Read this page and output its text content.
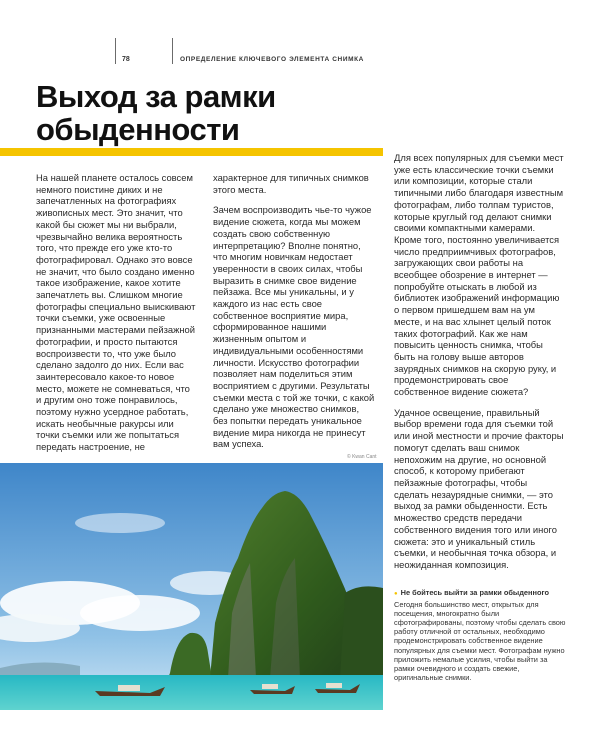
78	ОПРЕДЕЛЕНИЕ КЛЮЧЕВОГО ЭЛЕМЕНТА СНИМКА
Выход за рамки
обыденности

На нашей планете осталось совсем немного поистине диких и не запечатленных на фотографиях живописных мест. Это значит, что какой бы сюжет мы ни выбрали, чрезвычайно велика вероятность того, что прежде его уже кто-то фотографировал. Однако это вовсе не значит, что было создано именно такое изображение, какое хотите запечатлеть вы. Слишком многие фотографы специально выискивают точки съемки, уже освоенные признанными мастерами пейзажной фотографии, и просто пытаются воспроизвести то, что уже было сделано задолго до них. Если вас заинтересовало какое-то новое место, можете не сомневаться, что и другим оно тоже понравилось, поэтому нужно усердное работать, искать необычные ракурсы или точки съемки или же попытаться передать настроение, не

характерное для типичных снимков этого места.

Зачем воспроизводить чье-то чужое видение сюжета, когда мы можем создать свою собственную интерпретацию? Вполне понятно, что многим новичкам недостает уверенности в своих силах, чтобы выразить в снимке свое видение пейзажа. Все мы уникальны, и у каждого из нас есть свое собственное восприятие мира, сформированное нашими жизненным опытом и индивидуальными особенностями личности. Искусство фотографии позволяет нам поделиться этим восприятием с другими. Результаты съемки места с той же точки, с какой сделано уже множество снимков, без попытки передать уникальное видение мира никогда не принесут вам успеха.

Для всех популярных для съемки мест уже есть классические точки съемки или композиции, которые стали типичными либо благодаря известным фотографам, либо толпам туристов, которые круглый год делают снимки своими компактными камерами. Кроме того, постоянно увеличивается число предприимчивых фотографов, загружающих свои работы на всеобщее обозрение в интернет — попробуйте отыскать в любой из библиотек изображений информацию о первом пришедшем вам на ум месте, и на вас хлынет целый поток таких фотографий. Как же нам повысить ценность снимка, чтобы быть на голову выше авторов заурядных снимков на скорую руку, и продемонстрировать свое собственное видение сюжета?

Удачное освещение, правильный выбор времени года для съемки той или иной местности и прочие факторы помогут сделать ваш снимок непохожим на другие, но основной способ, к которому прибегают пейзажные фотографы, чтобы сделать незаурядные снимки, — это выход за рамки обыденности. Есть множество средств передачи собственного видения того или иного сюжета: это и уникальный стиль съемки, и необычная точка обзора, и неожиданная композиция.

© Kwan Cant
● Не бойтесь выйти за рамки обыденного
Сегодня большинство мест, открытых для посещения, многократно были сфотографированы, поэтому чтобы сделать свою работу отличной от остальных, необходимо продемонстрировать собственное видение популярных для съемки мест. Фотографам нужно приложить немалые усилия, чтобы выйти за рамки очевидного и создать свежие, оригинальные снимки.
